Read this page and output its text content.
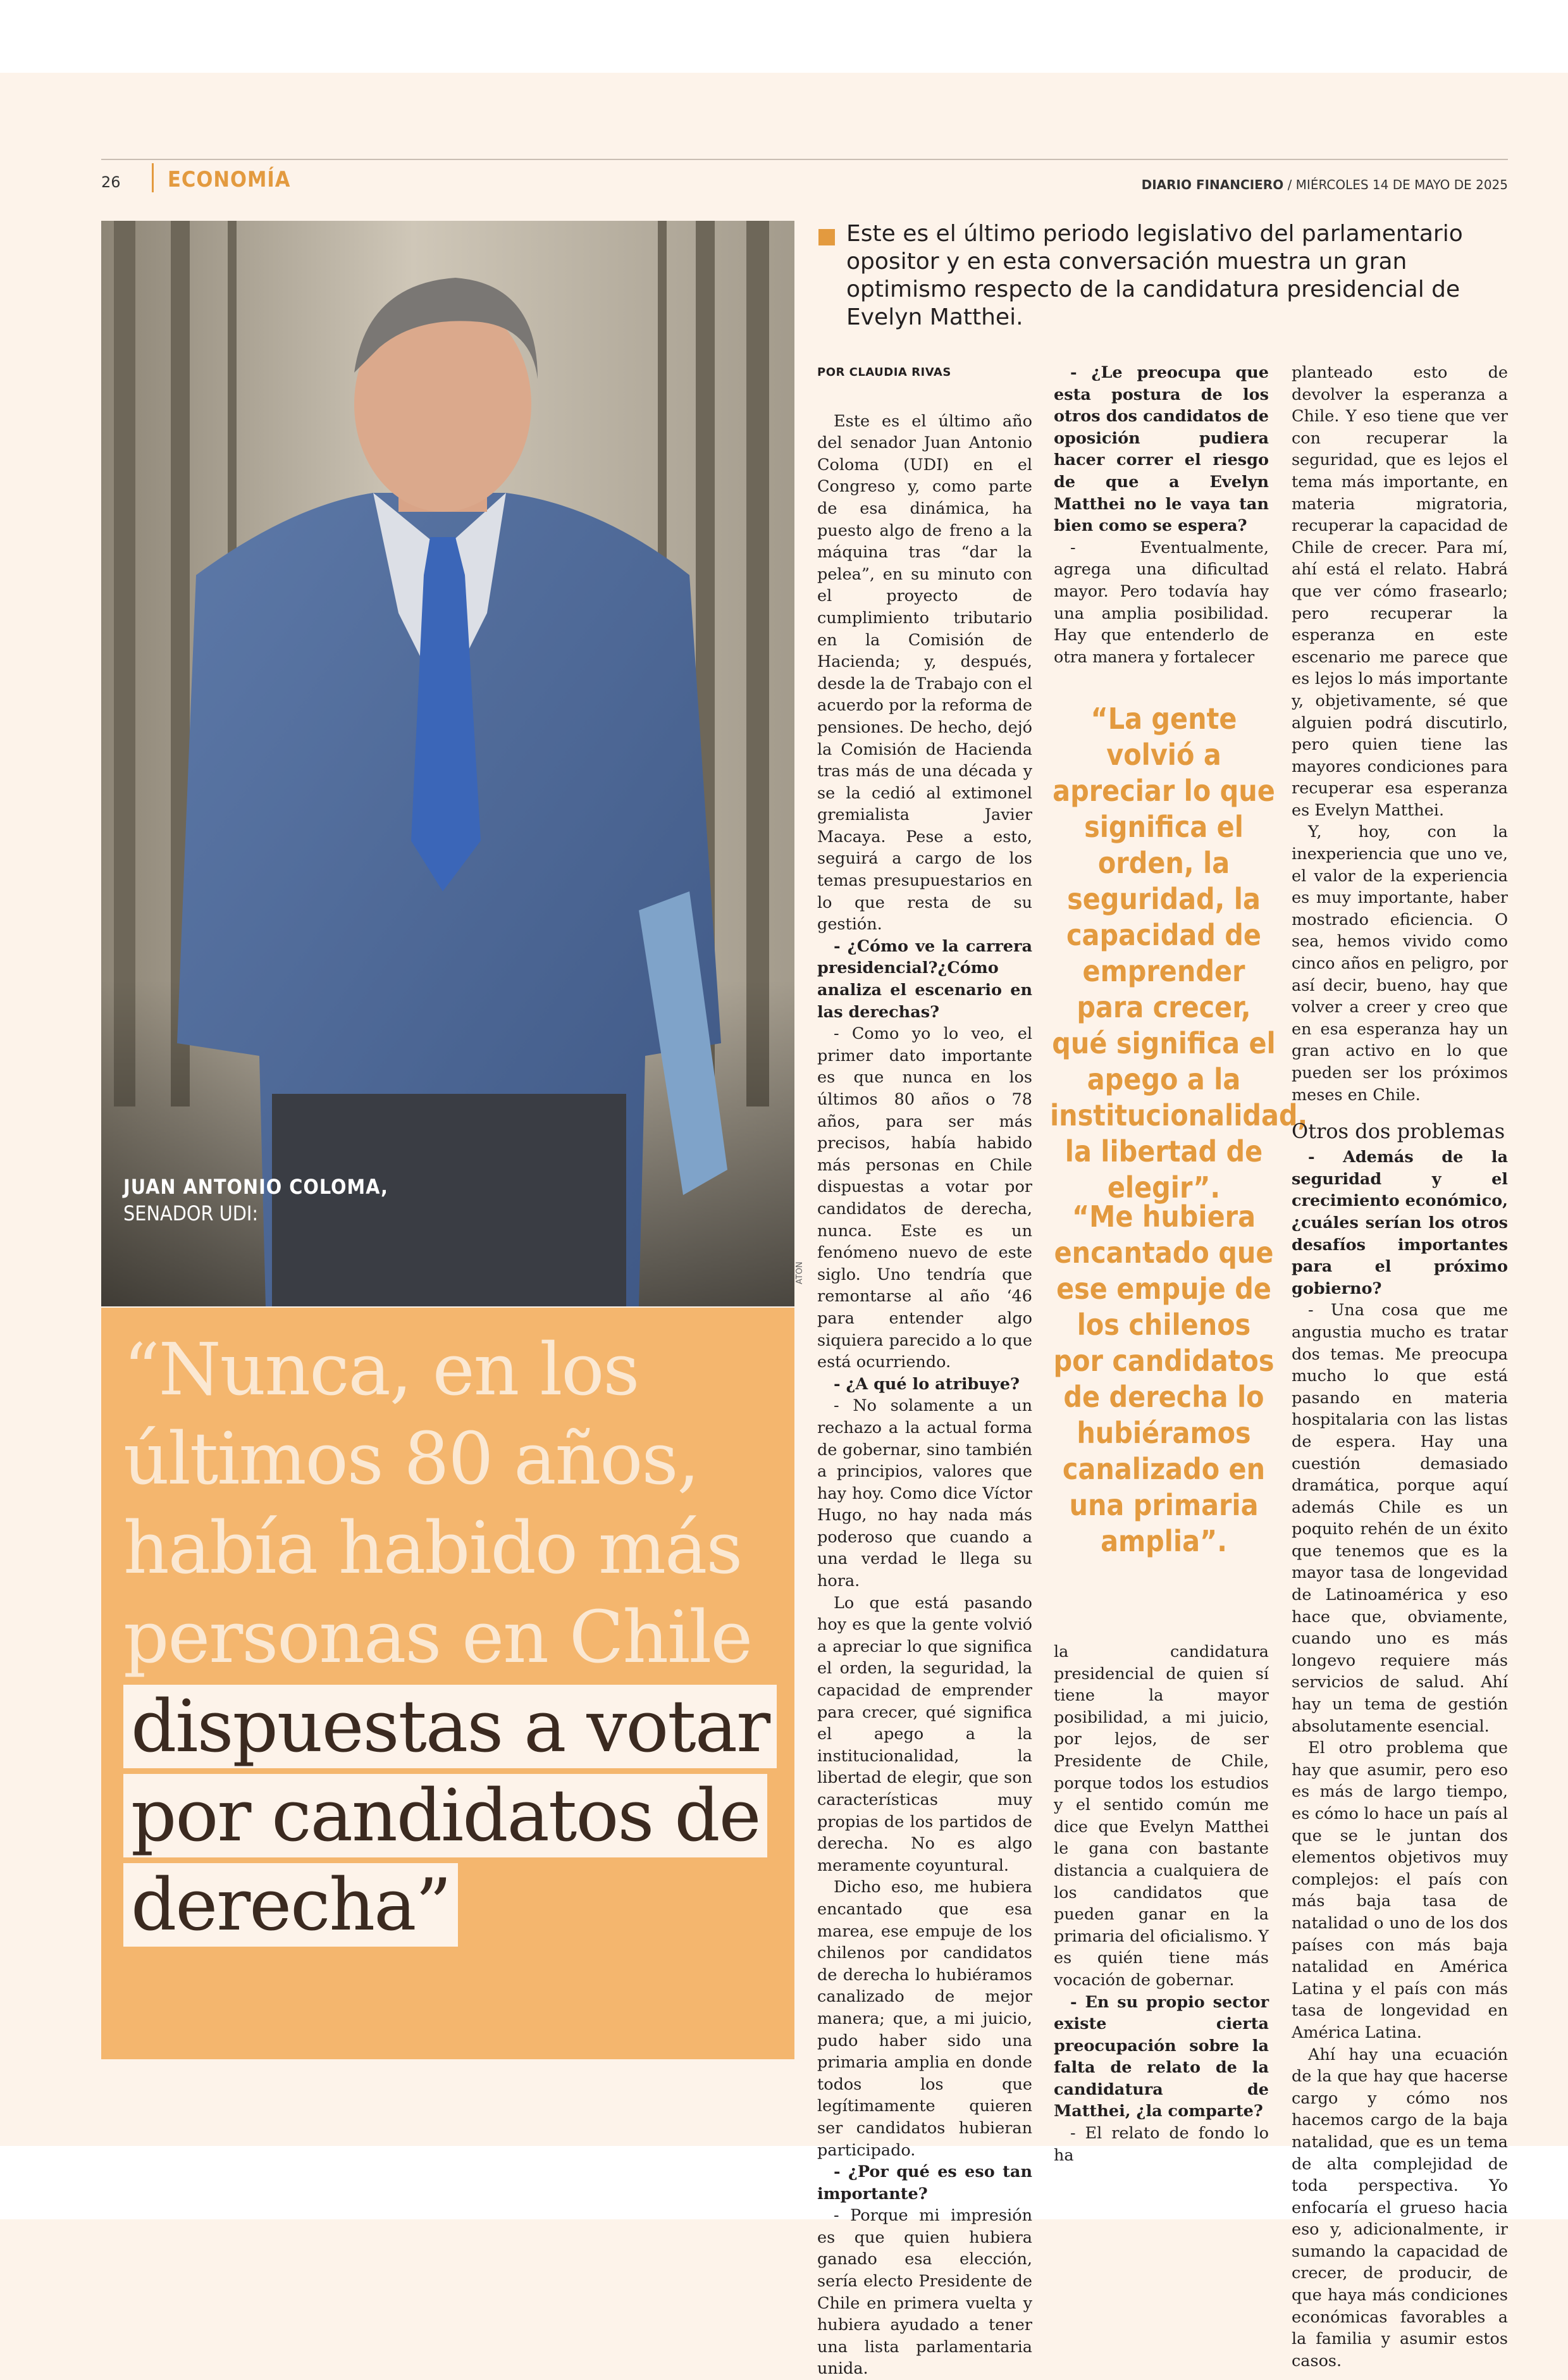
26 ECONOMÍA	DIARIO FINANCIERO / MIÉRCOLES 14 DE MAYO DE 2025
JUAN ANTONIO COLOMA,
SENADOR UDI:
ATON
“Nunca, en los últimos 80 años, había habido más personas en Chile dispuestas a votar por candidatos de derecha”
Este es el último periodo legislativo del parlamentario opositor y en esta conversación muestra un gran optimismo respecto de la candidatura presidencial de Evelyn Matthei.

POR CLAUDIA RIVAS

Este es el último año del senador Juan Antonio Coloma (UDI) en el Congreso y, como parte de esa dinámica, ha puesto algo de freno a la máquina tras “dar la pelea”, en su minuto con el proyecto de cumplimiento tributario en la Comisión de Hacienda; y, después, desde la de Trabajo con el acuerdo por la reforma de pensiones. De hecho, dejó la Comisión de Hacienda tras más de una década y se la cedió al extimonel gremialista Javier Macaya. Pese a esto, seguirá a cargo de los temas presupuestarios en lo que resta de su gestión.

- ¿Cómo ve la carrera presidencial?¿Cómo analiza el escenario en las derechas?

- Como yo lo veo, el primer dato importante es que nunca en los últimos 80 años o 78 años, para ser más precisos, había habido más personas en Chile dispuestas a votar por candidatos de derecha, nunca. Este es un fenómeno nuevo de este siglo. Uno tendría que remontarse al año ‘46 para entender algo siquiera parecido a lo que está ocurriendo.

- ¿A qué lo atribuye?

- No solamente a un rechazo a la actual forma de gobernar, sino también a principios, valores que hay hoy. Como dice Víctor Hugo, no hay nada más poderoso que cuando a una verdad le llega su hora.

Lo que está pasando hoy es que la gente volvió a apreciar lo que significa el orden, la seguridad, la capacidad de emprender para crecer, qué significa el apego a la institucionalidad, la libertad de elegir, que son características muy propias de los partidos de derecha. No es algo meramente coyuntural.

Dicho eso, me hubiera encantado que esa marea, ese empuje de los chilenos por candidatos de derecha lo hubiéramos canalizado de mejor manera; que, a mi juicio, pudo haber sido una primaria amplia en donde todos los que legítimamente quieren ser candidatos hubieran participado.

- ¿Por qué es eso tan importante?

- Porque mi impresión es que quien hubiera ganado esa elección, sería electo Presidente de Chile en primera vuelta y hubiera ayudado a tener una lista parlamentaria unida.

- ¿Le preocupa que esta postura de los otros dos candidatos de oposición pudiera hacer correr el riesgo de que a Evelyn Matthei no le vaya tan bien como se espera?

- Eventualmente, agrega una dificultad mayor. Pero todavía hay una amplia posibilidad. Hay que entenderlo de otra manera y fortalecer

“La gente volvió a apreciar lo que significa el orden, la seguridad, la capacidad de emprender para crecer, qué significa el apego a la institucionalidad, la libertad de elegir”.
“Me hubiera encantado que ese empuje de los chilenos por candidatos de derecha lo hubiéramos canalizado en una primaria amplia”.

la candidatura presidencial de quien sí tiene la mayor posibilidad, a mi juicio, por lejos, de ser Presidente de Chile, porque todos los estudios y el sentido común me dice que Evelyn Matthei le gana con bastante distancia a cualquiera de los candidatos que pueden ganar en la primaria del oficialismo. Y es quién tiene más vocación de gobernar.

- En su propio sector existe cierta preocupación sobre la falta de relato de la candidatura de Matthei, ¿la comparte?

- El relato de fondo lo ha

planteado esto de devolver la esperanza a Chile. Y eso tiene que ver con recuperar la seguridad, que es lejos el tema más importante, en materia migratoria, recuperar la capacidad de Chile de crecer. Para mí, ahí está el relato. Habrá que ver cómo frasearlo; pero recuperar la esperanza en este escenario me parece que es lejos lo más importante y, objetivamente, sé que alguien podrá discutirlo, pero quien tiene las mayores condiciones para recuperar esa esperanza es Evelyn Matthei.

Y, hoy, con la inexperiencia que uno ve, el valor de la experiencia es muy importante, haber mostrado eficiencia. O sea, hemos vivido como cinco años en peligro, por así decir, bueno, hay que volver a creer y creo que en esa esperanza hay un gran activo en lo que pueden ser los próximos meses en Chile.

Otros dos problemas

- Además de la seguridad y el crecimiento económico, ¿cuáles serían los otros desafíos importantes para el próximo gobierno?

- Una cosa que me angustia mucho es tratar dos temas. Me preocupa mucho lo que está pasando en materia hospitalaria con las listas de espera. Hay una cuestión demasiado dramática, porque aquí además Chile es un poquito rehén de un éxito que tenemos que es la mayor tasa de longevidad de Latinoamérica y eso hace que, obviamente, cuando uno es más longevo requiere más servicios de salud. Ahí hay un tema de gestión absolutamente esencial.

El otro problema que hay que asumir, pero eso es más de largo tiempo, es cómo lo hace un país al que se le juntan dos elementos objetivos muy complejos: el país con más baja tasa de natalidad o uno de los dos países con más baja natalidad en América Latina y el país con más tasa de longevidad en América Latina.

Ahí hay una ecuación de la que hay que hacerse cargo y cómo nos hacemos cargo de la baja natalidad, que es un tema de alta complejidad de toda perspectiva. Yo enfocaría el grueso hacia eso y, adicionalmente, ir sumando la capacidad de crecer, de producir, de que haya más condiciones económicas favorables a la familia y asumir estos casos.
